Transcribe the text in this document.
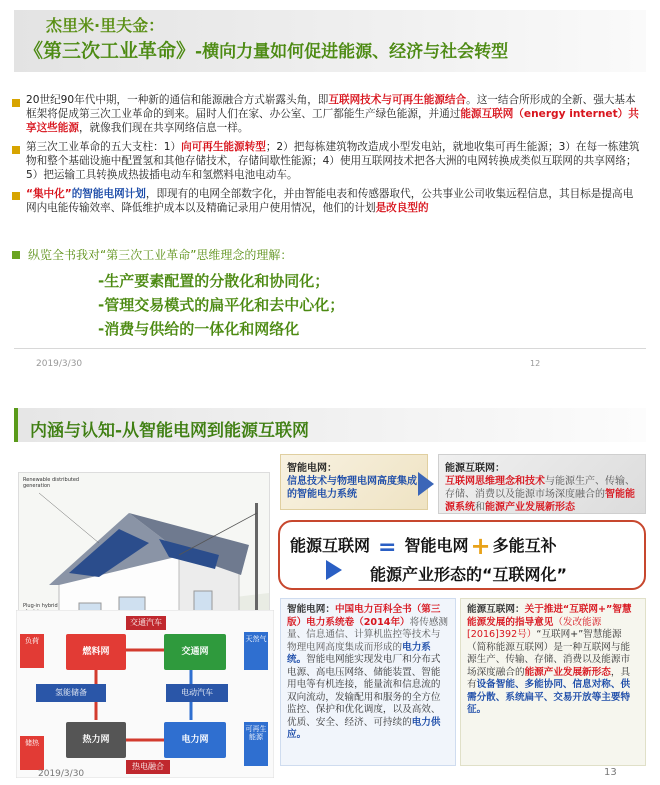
杰里米·里夫金：
《第三次工业革命》-横向力量如何促进能源、经济与社会转型
20世纪90年代中期，一种新的通信和能源融合方式崭露头角，即互联网技术与可再生能源结合。这一结合所形成的全新、强大基本框架将促成第三次工业革命的到来。届时人们在家、办公室、工厂都能生产绿色能源，并通过能源互联网（energy internet）共享这些能源，就像我们现在共享网络信息一样。
第三次工业革命的五大支柱：1）向可再生能源转型；2）把每栋建筑物改造成小型发电站，就地收集可再生能源；3）在每一栋建筑物和整个基础设施中配置氢和其他存储技术，存储间歇性能源；4）使用互联网技术把各大洲的电网转换成类似互联网的共享网络；5）把运输工具转换成热拔插电动车和氢燃料电池电动车。
“集中化”的智能电网计划，即现有的电网全部数字化，并由智能电表和传感器取代，公共事业公司收集远程信息，其目标是提高电网内电能传输效率、降低维护成本以及精确记录用户使用情况，他们的计划是改良型的
纵览全书我对“第三次工业革命”思维理念的理解：
-生产要素配置的分散化和协同化；
-管理交易模式的扁平化和去中心化；
-消费与供给的一体化和网络化
2019/3/30	12
内涵与认知-从智能电网到能源互联网
Renewable distributed generation
Plug-in hybrid
燃料网	交通网
热力网	电力网
负荷
储热
天然气
可再生能源
氢能储备	电动汽车
交通汽车
热电融合
2019/3/30	13
智能电网：
信息技术与物理电网高度集成的智能电力系统
能源互联网：
互联网思维理念和技术与能源生产、传输、存储、消费以及能源市场深度融合的智能能源系统和能源产业发展新形态
能源互联网 = 智能电网+ 多能互补
能源产业形态的“互联网化”
智能电网：中国电力百科全书（第三版）电力系统卷（2014年）将传感测量、信息通信、计算机监控等技术与物理电网高度集成而形成的电力系统。智能电网能实现发电厂和分布式电源、高电压网络、储能装置、智能用电等有机连接，能量流和信息流的双向流动，发输配用和服务的全方位监控、保护和优化调度，以及高效、优质、安全、经济、可持续的电力供应。
能源互联网：关于推进“互联网+”智慧能源发展的指导意见（发改能源[2016]392号）“互联网+”智慧能源（简称能源互联网）是一种互联网与能源生产、传输、存储、消费以及能源市场深度融合的能源产业发展新形态，具有设备智能、多能协同、信息对称、供需分散、系统扁平、交易开放等主要特征。
